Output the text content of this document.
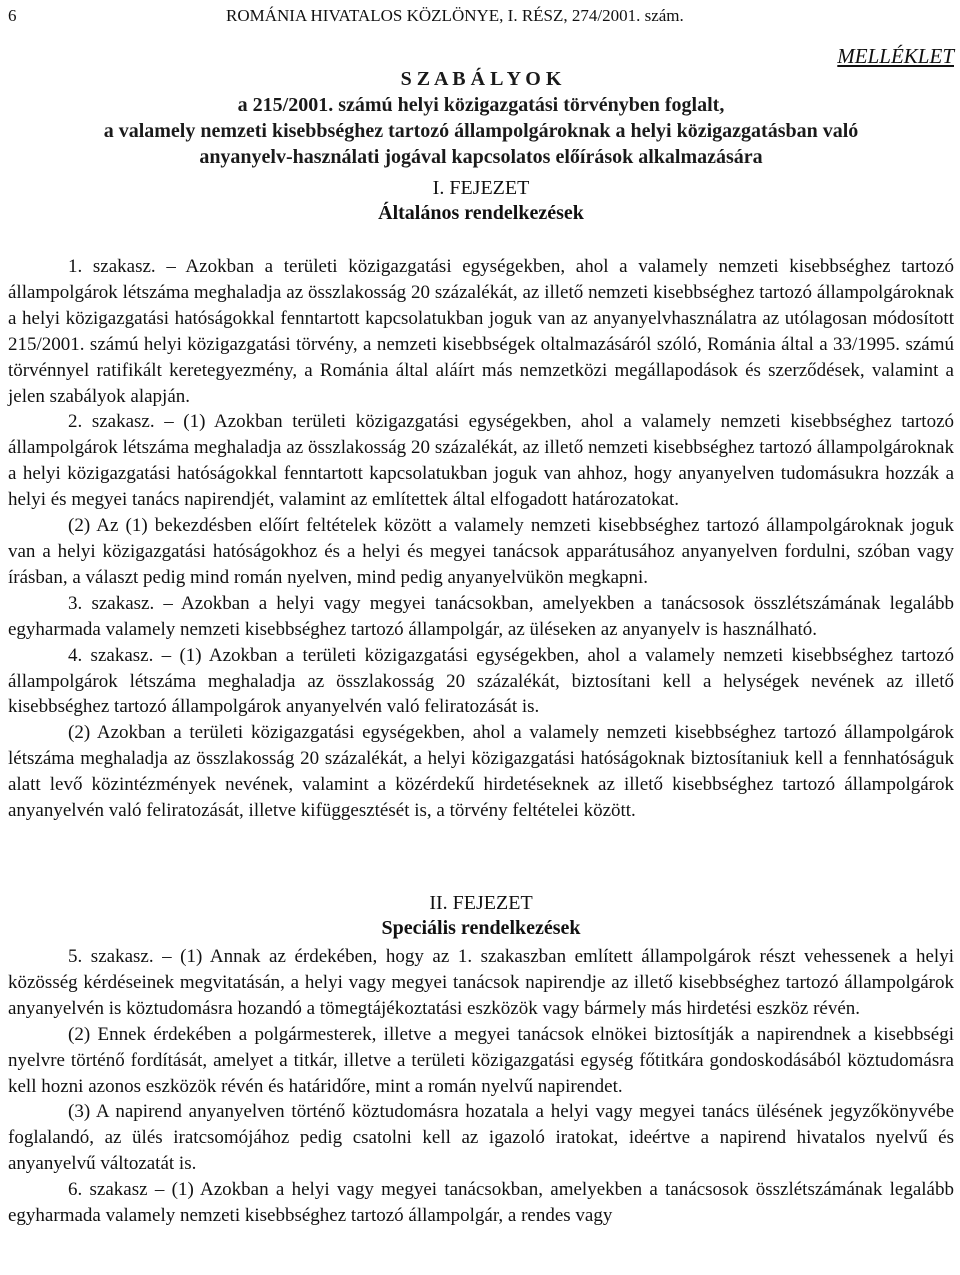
6	ROMÁNIA HIVATALOS KÖZLÖNYE, I. RÉSZ, 274/2001. szám.
MELLÉKLET
S Z A B Á L Y O K
a 215/2001. számú helyi közigazgatási törvényben foglalt,
a valamely nemzeti kisebbséghez tartozó állampolgároknak a helyi közigazgatásban való
anyanyelv-használati jogával kapcsolatos előírások alkalmazására
I. FEJEZET
Általános rendelkezések

1. szakasz. – Azokban a területi közigazgatási egységekben, ahol a valamely nemzeti kisebbséghez tartozó állampolgárok létszáma meghaladja az összlakosság 20 százalékát, az illető nemzeti kisebbséghez tartozó állampolgároknak a helyi közigazgatási hatóságokkal fenntartott kapcsolatukban joguk van az anyanyelvhasználatra az utólagosan módosított 215/2001. számú helyi közigazgatási törvény, a nemzeti kisebbségek oltalmazásáról szóló, Románia által a 33/1995. számú törvénnyel ratifikált keretegyezmény, a Románia által aláírt más nemzetközi megállapodások és szerződések, valamint a jelen szabályok alapján.

2. szakasz. – (1) Azokban területi közigazgatási egységekben, ahol a valamely nemzeti kisebbséghez tartozó állampolgárok létszáma meghaladja az összlakosság 20 százalékát, az illető nemzeti kisebbséghez tartozó állampolgároknak a helyi közigazgatási hatóságokkal fenntartott kapcsolatukban joguk van ahhoz, hogy anyanyelven tudomásukra hozzák a helyi és megyei tanács napirendjét, valamint az említettek által elfogadott határozatokat.

(2) Az (1) bekezdésben előírt feltételek között a valamely nemzeti kisebbséghez tartozó állampolgároknak joguk van a helyi közigazgatási hatóságokhoz és a helyi és megyei tanácsok apparátusához anyanyelven fordulni, szóban vagy írásban, a választ pedig mind román nyelven, mind pedig anyanyelvükön megkapni.

3. szakasz. – Azokban a helyi vagy megyei tanácsokban, amelyekben a tanácsosok összlétszámának legalább egyharmada valamely nemzeti kisebbséghez tartozó állampolgár, az üléseken az anyanyelv is használható.

4. szakasz. – (1) Azokban a területi közigazgatási egységekben, ahol a valamely nemzeti kisebbséghez tartozó állampolgárok létszáma meghaladja az összlakosság 20 százalékát, biztosítani kell a helységek nevének az illető kisebbséghez tartozó állampolgárok anyanyelvén való feliratozását is.

(2) Azokban a területi közigazgatási egységekben, ahol a valamely nemzeti kisebbséghez tartozó állampolgárok létszáma meghaladja az összlakosság 20 százalékát, a helyi közigazgatási hatóságoknak biztosítaniuk kell a fennhatóságuk alatt levő közintézmények nevének, valamint a közérdekű hirdetéseknek az illető kisebbséghez tartozó állampolgárok anyanyelvén való feliratozását, illetve kifüggesztését is, a törvény feltételei között.

II. FEJEZET
Speciális rendelkezések

5. szakasz. – (1) Annak az érdekében, hogy az 1. szakaszban említett állampolgárok részt vehessenek a helyi közösség kérdéseinek megvitatásán, a helyi vagy megyei tanácsok napirendje az illető kisebbséghez tartozó állampolgárok anyanyelvén is köztudomásra hozandó a tömegtájékoztatási eszközök vagy bármely más hirdetési eszköz révén.

(2) Ennek érdekében a polgármesterek, illetve a megyei tanácsok elnökei biztosítják a napirendnek a kisebbségi nyelvre történő fordítását, amelyet a titkár, illetve a területi közigazgatási egység főtitkára gondoskodásából köztudomásra kell hozni azonos eszközök révén és határidőre, mint a román nyelvű napirendet.

(3) A napirend anyanyelven történő köztudomásra hozatala a helyi vagy megyei tanács ülésének jegyzőkönyvébe foglalandó, az ülés iratcsomójához pedig csatolni kell az igazoló iratokat, ideértve a napirend hivatalos nyelvű és anyanyelvű változatát is.

6. szakasz – (1) Azokban a helyi vagy megyei tanácsokban, amelyekben a tanácsosok összlétszámának legalább egyharmada valamely nemzeti kisebbséghez tartozó állampolgár, a rendes vagy
